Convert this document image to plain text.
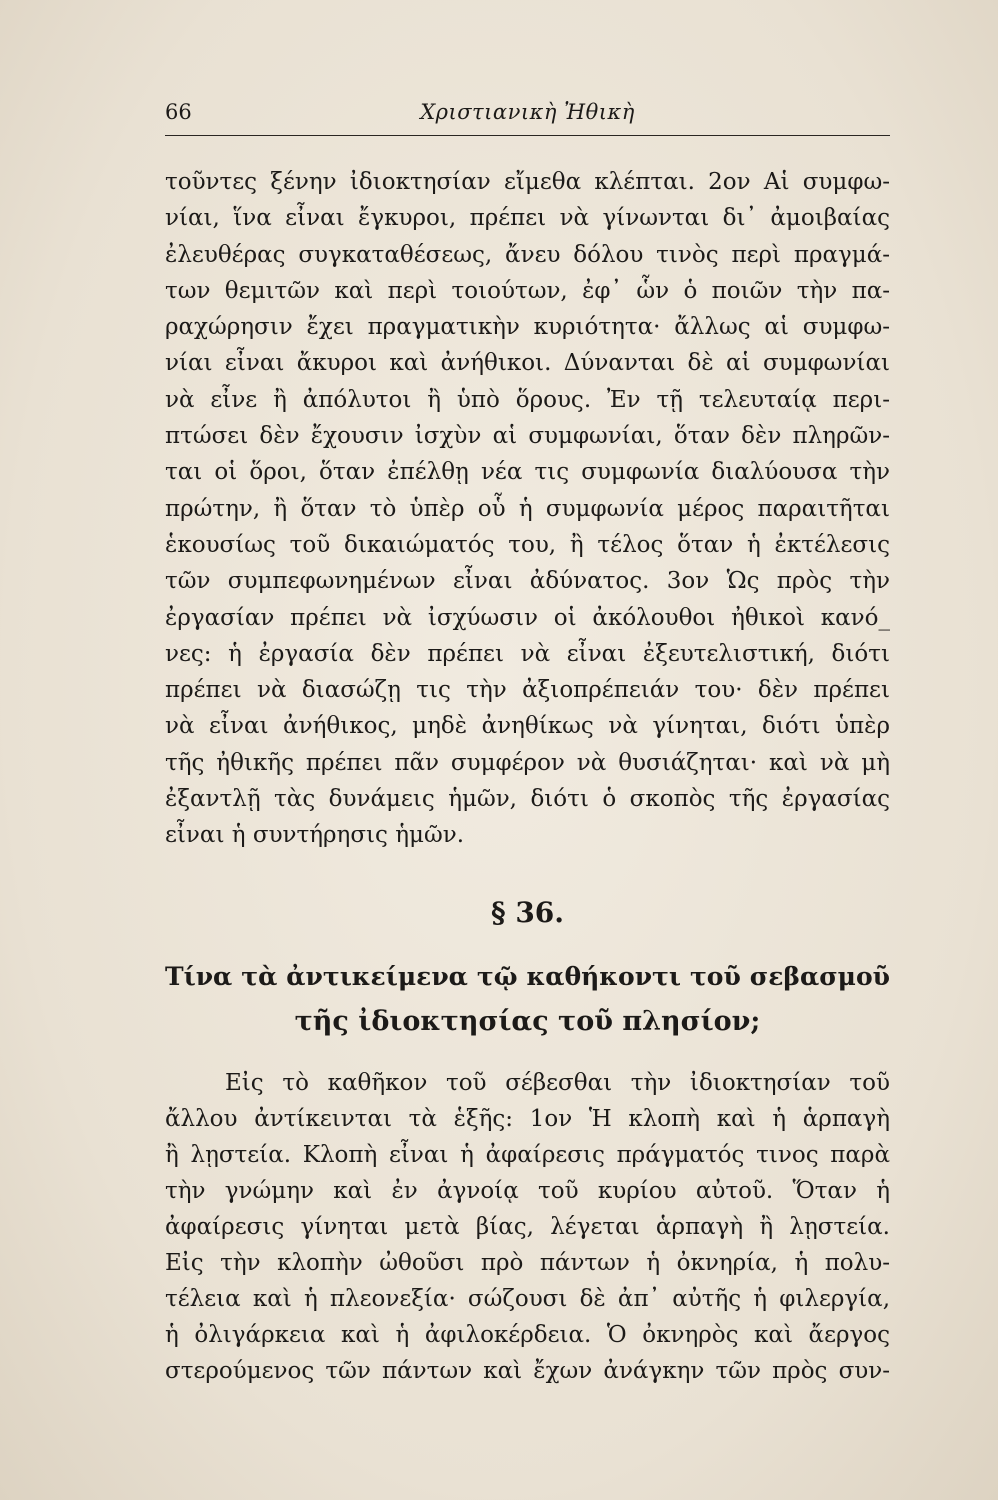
66	Χριστιανικὴ Ἠθικὴ
τοῦντες ξένην ἰδιοκτησίαν εἴμεθα κλέπται. 2ον Αἱ συμφω-
νίαι, ἵνα εἶναι ἔγκυροι, πρέπει νὰ γίνωνται δι᾽ ἀμοιβαίας
ἐλευθέρας συγκαταθέσεως, ἄνευ δόλου τινὸς περὶ πραγμά-
των θεμιτῶν καὶ περὶ τοιούτων, ἐφ᾽ ὧν ὁ ποιῶν τὴν πα-
ραχώρησιν ἔχει πραγματικὴν κυριότητα· ἄλλως αἱ συμφω-
νίαι εἶναι ἄκυροι καὶ ἀνήθικοι. Δύνανται δὲ αἱ συμφωνίαι
νὰ εἶνε ἢ ἀπόλυτοι ἢ ὑπὸ ὅρους. Ἐν τῇ τελευταίᾳ περι-
πτώσει δὲν ἔχουσιν ἰσχὺν αἱ συμφωνίαι, ὅταν δὲν πληρῶν-
ται οἱ ὅροι, ὅταν ἐπέλθῃ νέα τις συμφωνία διαλύουσα τὴν
πρώτην, ἢ ὅταν τὸ ὑπὲρ οὗ ἡ συμφωνία μέρος παραιτῆται
ἑκουσίως τοῦ δικαιώματός του, ἢ τέλος ὅταν ἡ ἐκτέλεσις
τῶν συμπεφωνημένων εἶναι ἀδύνατος. 3ον Ὡς πρὸς τὴν
ἐργασίαν πρέπει νὰ ἰσχύωσιν οἱ ἀκόλουθοι ἠθικοὶ κανό_
νες: ἡ ἐργασία δὲν πρέπει νὰ εἶναι ἐξευτελιστική, διότι
πρέπει νὰ διασώζῃ τις τὴν ἀξιοπρέπειάν του· δὲν πρέπει
νὰ εἶναι ἀνήθικος, μηδὲ ἀνηθίκως νὰ γίνηται, διότι ὑπὲρ
τῆς ἠθικῆς πρέπει πᾶν συμφέρον νὰ θυσιάζηται· καὶ νὰ μὴ
ἐξαντλῇ τὰς δυνάμεις ἡμῶν, διότι ὁ σκοπὸς τῆς ἐργασίας
εἶναι ἡ συντήρησις ἡμῶν.
§ 36.
Τίνα τὰ ἀντικείμενα τῷ καθήκοντι τοῦ σεβασμοῦ
τῆς ἰδιοκτησίας τοῦ πλησίον;
Εἰς τὸ καθῆκον τοῦ σέβεσθαι τὴν ἰδιοκτησίαν τοῦ
ἄλλου ἀντίκεινται τὰ ἑξῆς: 1ον Ἡ κλοπὴ καὶ ἡ ἁρπαγὴ
ἢ λῃστεία. Κλοπὴ εἶναι ἡ ἀφαίρεσις πράγματός τινος παρὰ
τὴν γνώμην καὶ ἐν ἀγνοίᾳ τοῦ κυρίου αὐτοῦ. Ὅταν ἡ
ἀφαίρεσις γίνηται μετὰ βίας, λέγεται ἁρπαγὴ ἢ λῃστεία.
Εἰς τὴν κλοπὴν ὠθοῦσι πρὸ πάντων ἡ ὀκνηρία, ἡ πολυ-
τέλεια καὶ ἡ πλεονεξία· σώζουσι δὲ ἀπ᾽ αὐτῆς ἡ φιλεργία,
ἡ ὀλιγάρκεια καὶ ἡ ἀφιλοκέρδεια. Ὁ ὀκνηρὸς καὶ ἄεργος
στερούμενος τῶν πάντων καὶ ἔχων ἀνάγκην τῶν πρὸς συν-
